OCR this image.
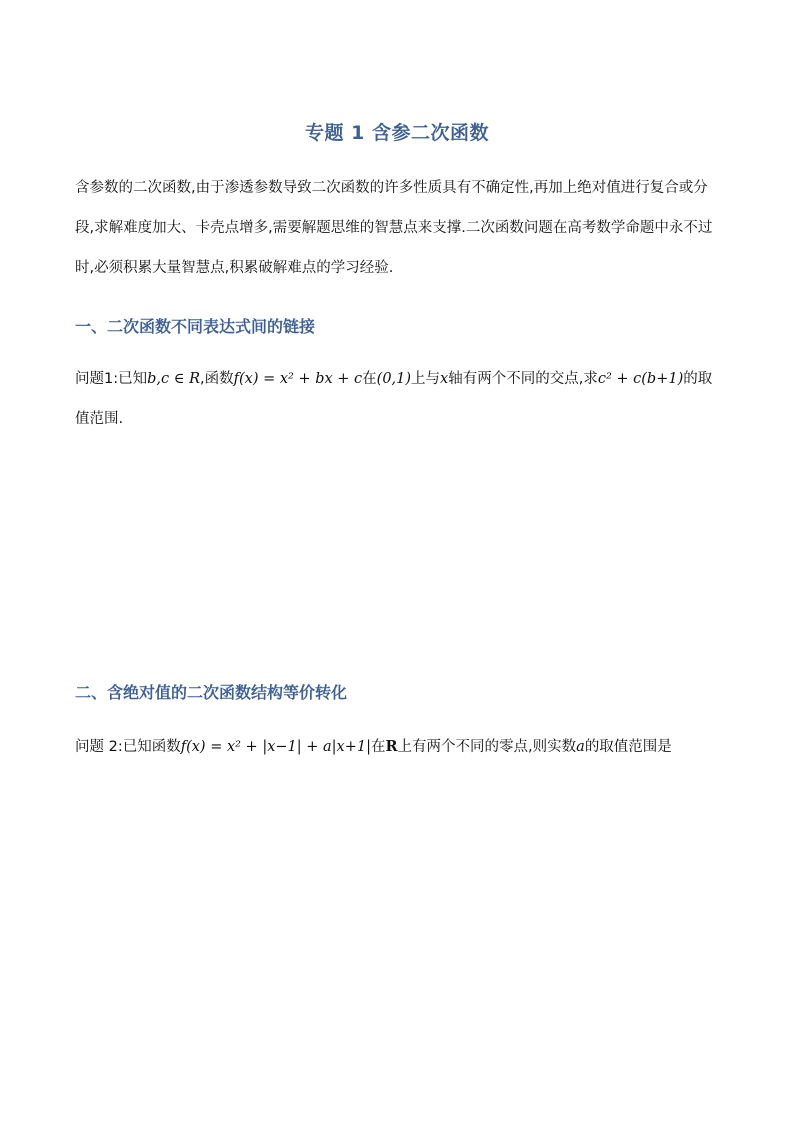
专题 1 含参二次函数
含参数的二次函数,由于渗透参数导致二次函数的许多性质具有不确定性,再加上绝对值进行复合或分段,求解难度加大、卡壳点增多,需要解题思维的智慧点来支撑.二次函数问题在高考数学命题中永不过时,必须积累大量智慧点,积累破解难点的学习经验.
一、二次函数不同表达式间的链接
问题1:已知b,c ∈ R,函数f(x) = x² + bx + c在(0,1)上与x轴有两个不同的交点,求c² + c(b+1)的取值范围.
二、含绝对值的二次函数结构等价转化
问题 2:已知函数f(x) = x² + |x−1| + a|x+1|在R上有两个不同的零点,则实数a的取值范围是
